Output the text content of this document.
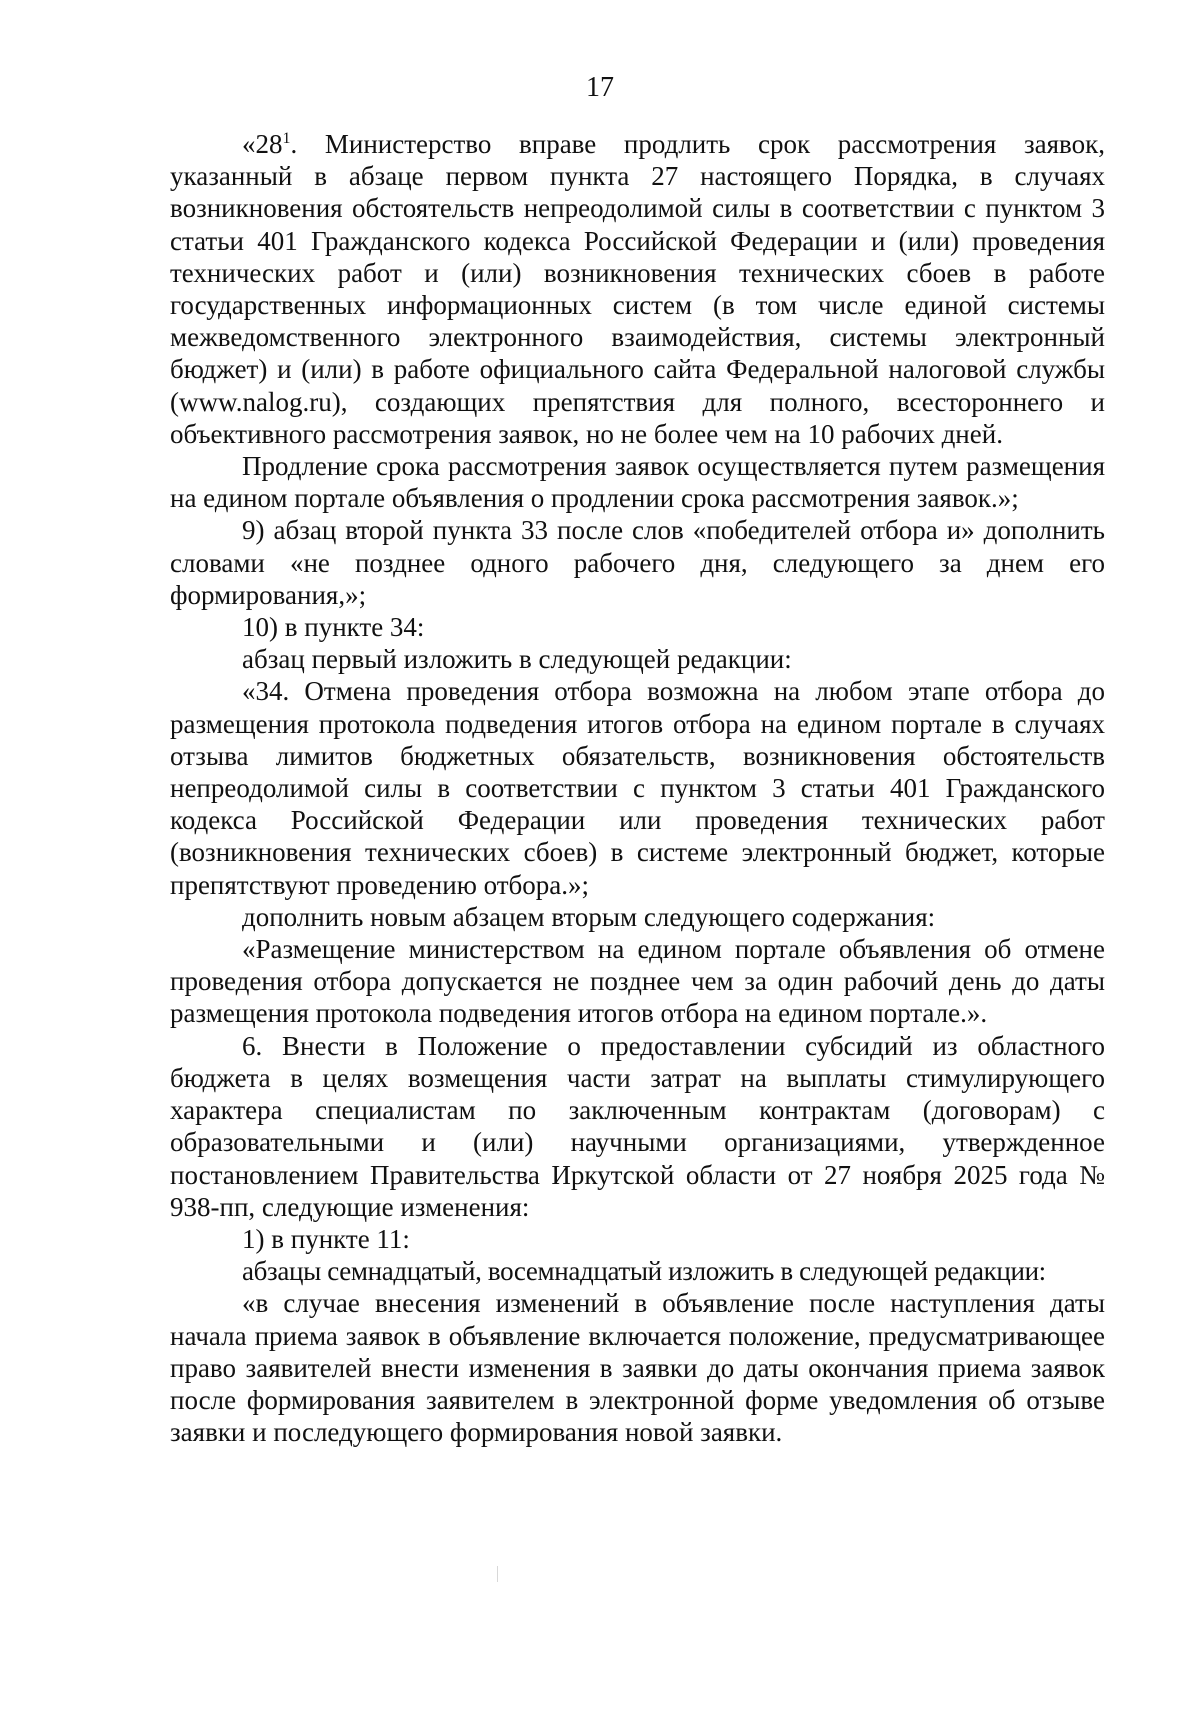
17

«$28^1$. Министерство вправе продлить срок рассмотрения заявок, указанный в абзаце первом пункта 27 настоящего Порядка, в случаях возникновения обстоятельств непреодолимой силы в соответствии с пунктом 3 статьи 401 Гражданского кодекса Российской Федерации и (или) проведения технических работ и (или) возникновения технических сбоев в работе государственных информационных систем (в том числе единой системы межведомственного электронного взаимодействия, системы электронный бюджет) и (или) в работе официального сайта Федеральной налоговой службы (www.nalog.ru), создающих препятствия для полного, всестороннего и объективного рассмотрения заявок, но не более чем на 10 рабочих дней.

Продление срока рассмотрения заявок осуществляется путем размещения на едином портале объявления о продлении срока рассмотрения заявок.»;

9) абзац второй пункта 33 после слов «победителей отбора и» дополнить словами «не позднее одного рабочего дня, следующего за днем его формирования,»;

10) в пункте 34:

абзац первый изложить в следующей редакции:

«34. Отмена проведения отбора возможна на любом этапе отбора до размещения протокола подведения итогов отбора на едином портале в случаях отзыва лимитов бюджетных обязательств, возникновения обстоятельств непреодолимой силы в соответствии с пунктом 3 статьи 401 Гражданского кодекса Российской Федерации или проведения технических работ (возникновения технических сбоев) в системе электронный бюджет, которые препятствуют проведению отбора.»;

дополнить новым абзацем вторым следующего содержания:

«Размещение министерством на едином портале объявления об отмене проведения отбора допускается не позднее чем за один рабочий день до даты размещения протокола подведения итогов отбора на едином портале.».

6. Внести в Положение о предоставлении субсидий из областного бюджета в целях возмещения части затрат на выплаты стимулирующего характера специалистам по заключенным контрактам (договорам) с образовательными и (или) научными организациями, утвержденное постановлением Правительства Иркутской области от 27 ноября 2025 года № 938-пп, следующие изменения:

1) в пункте 11:

абзацы семнадцатый, восемнадцатый изложить в следующей редакции:

«в случае внесения изменений в объявление после наступления даты начала приема заявок в объявление включается положение, предусматривающее право заявителей внести изменения в заявки до даты окончания приема заявок после формирования заявителем в электронной форме уведомления об отзыве заявки и последующего формирования новой заявки.
